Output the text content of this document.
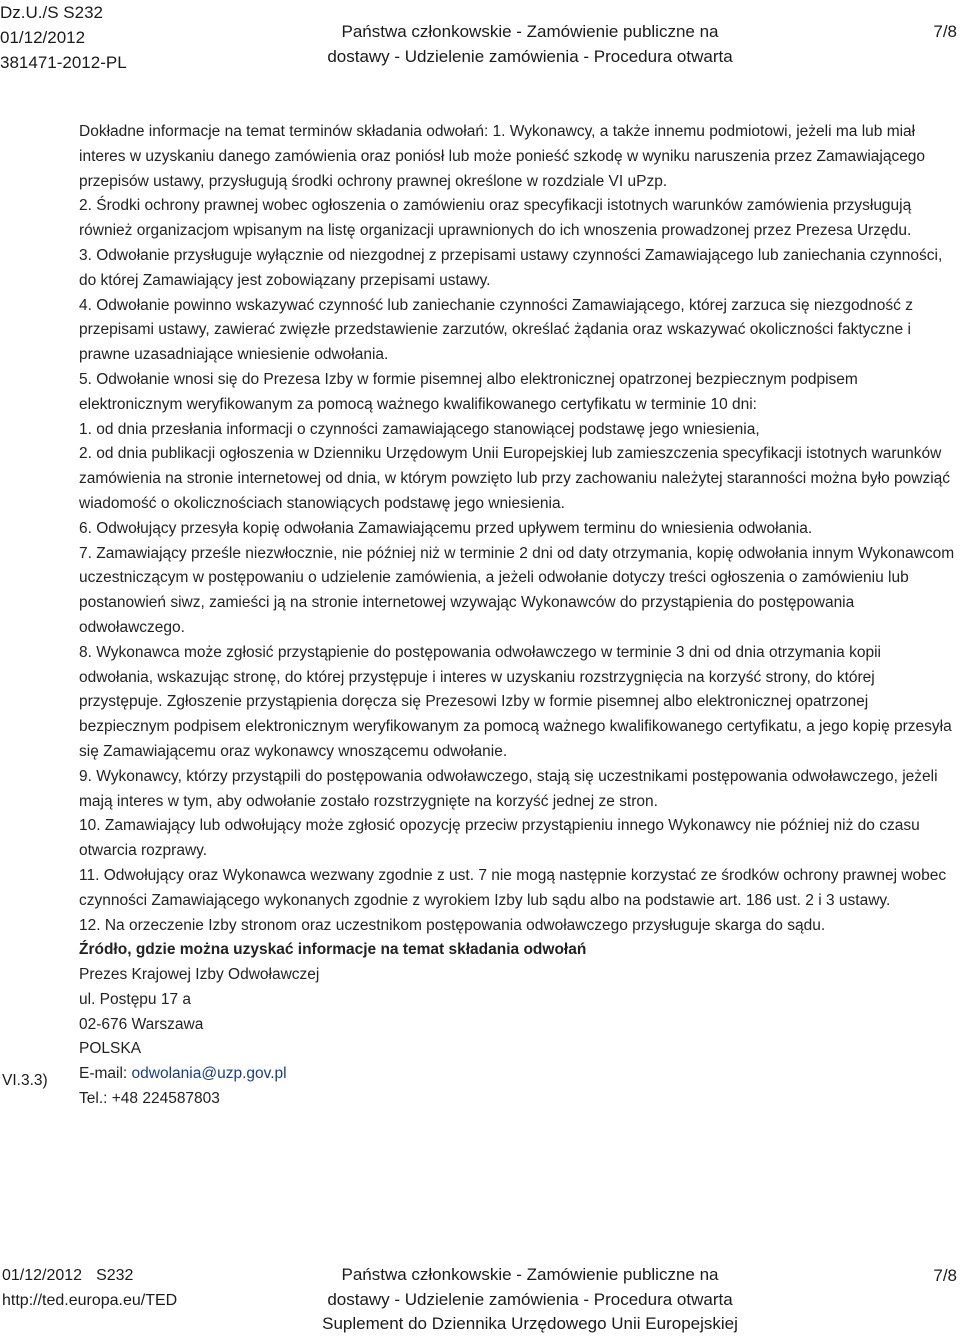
Dz.U./S S232
01/12/2012
381471-2012-PL
Państwa członkowskie - Zamówienie publiczne na
dostawy - Udzielenie zamówienia - Procedura otwarta
7/8

Dokładne informacje na temat terminów składania odwołań: 1. Wykonawcy, a także innemu podmiotowi, jeżeli ma lub miał interes w uzyskaniu danego zamówienia oraz poniósł lub może ponieść szkodę w wyniku naruszenia przez Zamawiającego przepisów ustawy, przysługują środki ochrony prawnej określone w rozdziale VI uPzp.

2. Środki ochrony prawnej wobec ogłoszenia o zamówieniu oraz specyfikacji istotnych warunków zamówienia przysługują również organizacjom wpisanym na listę organizacji uprawnionych do ich wnoszenia prowadzonej przez Prezesa Urzędu.

3. Odwołanie przysługuje wyłącznie od niezgodnej z przepisami ustawy czynności Zamawiającego lub zaniechania czynności, do której Zamawiający jest zobowiązany przepisami ustawy.

4. Odwołanie powinno wskazywać czynność lub zaniechanie czynności Zamawiającego, której zarzuca się niezgodność z przepisami ustawy, zawierać zwięzłe przedstawienie zarzutów, określać żądania oraz wskazywać okoliczności faktyczne i prawne uzasadniające wniesienie odwołania.

5. Odwołanie wnosi się do Prezesa Izby w formie pisemnej albo elektronicznej opatrzonej bezpiecznym podpisem elektronicznym weryfikowanym za pomocą ważnego kwalifikowanego certyfikatu w terminie 10 dni:

1. od dnia przesłania informacji o czynności zamawiającego stanowiącej podstawę jego wniesienia,

2. od dnia publikacji ogłoszenia w Dzienniku Urzędowym Unii Europejskiej lub zamieszczenia specyfikacji istotnych warunków zamówienia na stronie internetowej od dnia, w którym powzięto lub przy zachowaniu należytej staranności można było powziąć wiadomość o okolicznościach stanowiących podstawę jego wniesienia.

6. Odwołujący przesyła kopię odwołania Zamawiającemu przed upływem terminu do wniesienia odwołania.

7. Zamawiający prześle niezwłocznie, nie później niż w terminie 2 dni od daty otrzymania, kopię odwołania innym Wykonawcom uczestniczącym w postępowaniu o udzielenie zamówienia, a jeżeli odwołanie dotyczy treści ogłoszenia o zamówieniu lub postanowień siwz, zamieści ją na stronie internetowej wzywając Wykonawców do przystąpienia do postępowania odwoławczego.

8. Wykonawca może zgłosić przystąpienie do postępowania odwoławczego w terminie 3 dni od dnia otrzymania kopii odwołania, wskazując stronę, do której przystępuje i interes w uzyskaniu rozstrzygnięcia na korzyść strony, do której przystępuje. Zgłoszenie przystąpienia doręcza się Prezesowi Izby w formie pisemnej albo elektronicznej opatrzonej bezpiecznym podpisem elektronicznym weryfikowanym za pomocą ważnego kwalifikowanego certyfikatu, a jego kopię przesyła się Zamawiającemu oraz wykonawcy wnoszącemu odwołanie.

9. Wykonawcy, którzy przystąpili do postępowania odwoławczego, stają się uczestnikami postępowania odwoławczego, jeżeli mają interes w tym, aby odwołanie zostało rozstrzygnięte na korzyść jednej ze stron.

10. Zamawiający lub odwołujący może zgłosić opozycję przeciw przystąpieniu innego Wykonawcy nie później niż do czasu otwarcia rozprawy.

11. Odwołujący oraz Wykonawca wezwany zgodnie z ust. 7 nie mogą następnie korzystać ze środków ochrony prawnej wobec czynności Zamawiającego wykonanych zgodnie z wyrokiem Izby lub sądu albo na podstawie art. 186 ust. 2 i 3 ustawy.

12. Na orzeczenie Izby stronom oraz uczestnikom postępowania odwoławczego przysługuje skarga do sądu.

Źródło, gdzie można uzyskać informacje na temat składania odwołań

Prezes Krajowej Izby Odwoławczej

ul. Postępu 17 a

02-676 Warszawa

POLSKA

E-mail: odwolania@uzp.gov.pl

Tel.: +48 224587803

VI.3.3)
01/12/2012 S232
http://ted.europa.eu/TED
Państwa członkowskie - Zamówienie publiczne na
dostawy - Udzielenie zamówienia - Procedura otwarta
Suplement do Dziennika Urzędowego Unii Europejskiej
7/8
